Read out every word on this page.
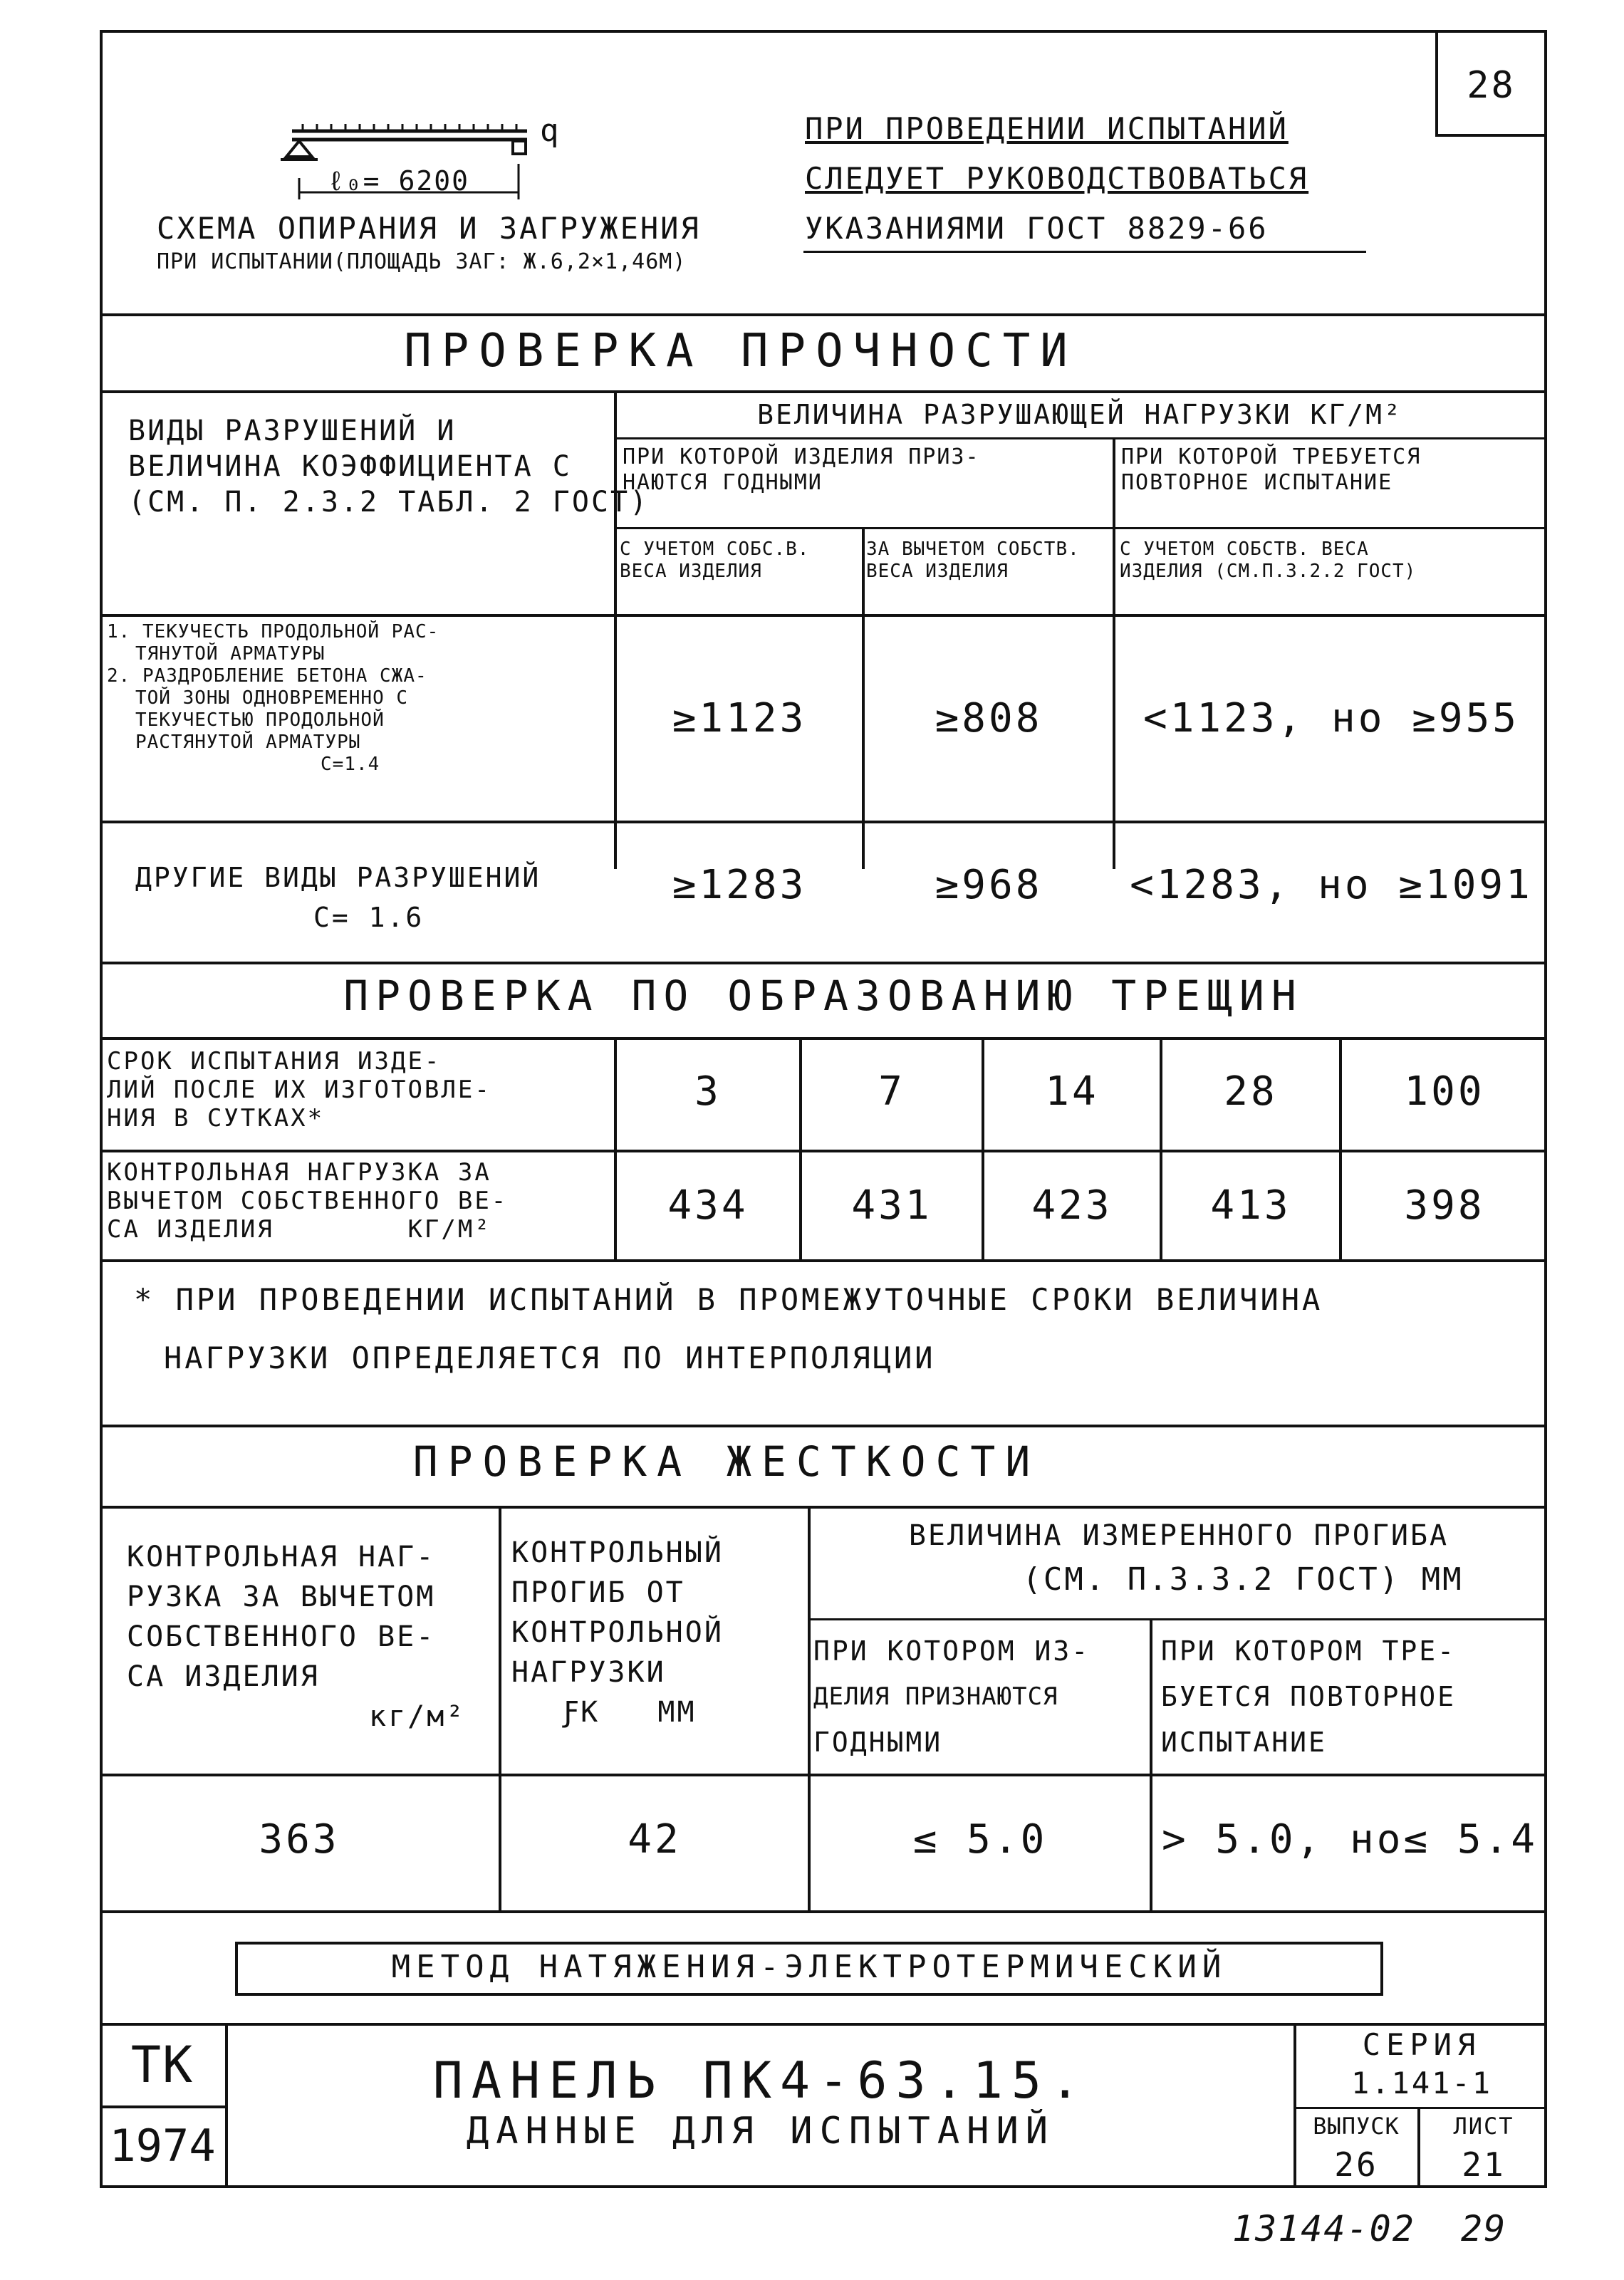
28
ℓ₀= 6200
q
СХЕМА ОПИРАНИЯ И ЗАГРУЖЕНИЯ
ПРИ ИСПЫТАНИИ(ПЛОЩАДЬ ЗАГ: Ж.6,2×1,46М)
ПРИ ПРОВЕДЕНИИ ИСПЫТАНИЙ
СЛЕДУЕТ РУКОВОДСТВОВАТЬСЯ
УКАЗАНИЯМИ ГОСТ 8829-66
ПРОВЕРКА ПРОЧНОСТИ
ВИДЫ РАЗРУШЕНИЙ И
ВЕЛИЧИНА КОЭФФИЦИЕНТА С
(СМ. П. 2.3.2 ТАБЛ. 2 ГОСТ)
ВЕЛИЧИНА РАЗРУШАЮЩЕЙ НАГРУЗКИ КГ/М²
ПРИ КОТОРОЙ ИЗДЕЛИЯ ПРИЗ-
НАЮТСЯ ГОДНЫМИ
ПРИ КОТОРОЙ ТРЕБУЕТСЯ
ПОВТОРНОЕ ИСПЫТАНИЕ
С УЧЕТОМ СОБС.В.
ВЕСА ИЗДЕЛИЯ
ЗА ВЫЧЕТОМ СОБСТВ.
ВЕСА ИЗДЕЛИЯ
С УЧЕТОМ СОБСТВ. ВЕСА
ИЗДЕЛИЯ (СМ.П.3.2.2 ГОСТ)
1. ТЕКУЧЕСТЬ ПРОДОЛЬНОЙ РАС-
ТЯНУТОЙ АРМАТУРЫ
2. РАЗДРОБЛЕНИЕ БЕТОНА СЖА-
ТОЙ ЗОНЫ ОДНОВРЕМЕННО С
ТЕКУЧЕСТЬЮ ПРОДОЛЬНОЙ
РАСТЯНУТОЙ АРМАТУРЫ
С=1.4
≥1123	≥808	<1123, но ≥955
ДРУГИЕ ВИДЫ РАЗРУШЕНИЙ
С= 1.6
≥1283	≥968	<1283, но ≥1091
ПРОВЕРКА ПО ОБРАЗОВАНИЮ ТРЕЩИН
СРОК ИСПЫТАНИЯ ИЗДЕ-
ЛИЙ ПОСЛЕ ИХ ИЗГОТОВЛЕ-
НИЯ В СУТКАХ*
3	7	14	28	100
КОНТРОЛЬНАЯ НАГРУЗКА ЗА
ВЫЧЕТОМ СОБСТВЕННОГО ВЕ-
СА ИЗДЕЛИЯ        КГ/М²
434	431	423	413	398
* ПРИ ПРОВЕДЕНИИ ИСПЫТАНИЙ В ПРОМЕЖУТОЧНЫЕ СРОКИ ВЕЛИЧИНА
НАГРУЗКИ ОПРЕДЕЛЯЕТСЯ ПО ИНТЕРПОЛЯЦИИ
ПРОВЕРКА ЖЕСТКОСТИ
КОНТРОЛЬНАЯ НАГ-
РУЗКА ЗА ВЫЧЕТОМ
СОБСТВЕННОГО ВЕ-
СА ИЗДЕЛИЯ
кг/м²
КОНТРОЛЬНЫЙ
ПРОГИБ ОТ
КОНТРОЛЬНОЙ
НАГРУЗКИ
ƑК   ММ
ВЕЛИЧИНА ИЗМЕРЕННОГО ПРОГИБА
(СМ. П.3.3.2 ГОСТ) ММ
ПРИ КОТОРОМ ИЗ-
ДЕЛИЯ ПРИЗНАЮТСЯ
ГОДНЫМИ
ПРИ КОТОРОМ ТРЕ-
БУЕТСЯ ПОВТОРНОЕ
ИСПЫТАНИЕ
363	42	≤ 5.0	> 5.0, но≤ 5.4
МЕТОД НАТЯЖЕНИЯ-ЭЛЕКТРОТЕРМИЧЕСКИЙ
ТК
1974
ПАНЕЛЬ ПК4-63.15.
ДАННЫЕ ДЛЯ ИСПЫТАНИЙ
СЕРИЯ
1.141-1
ВЫПУСК
26
ЛИСТ
21
13144-02  29
